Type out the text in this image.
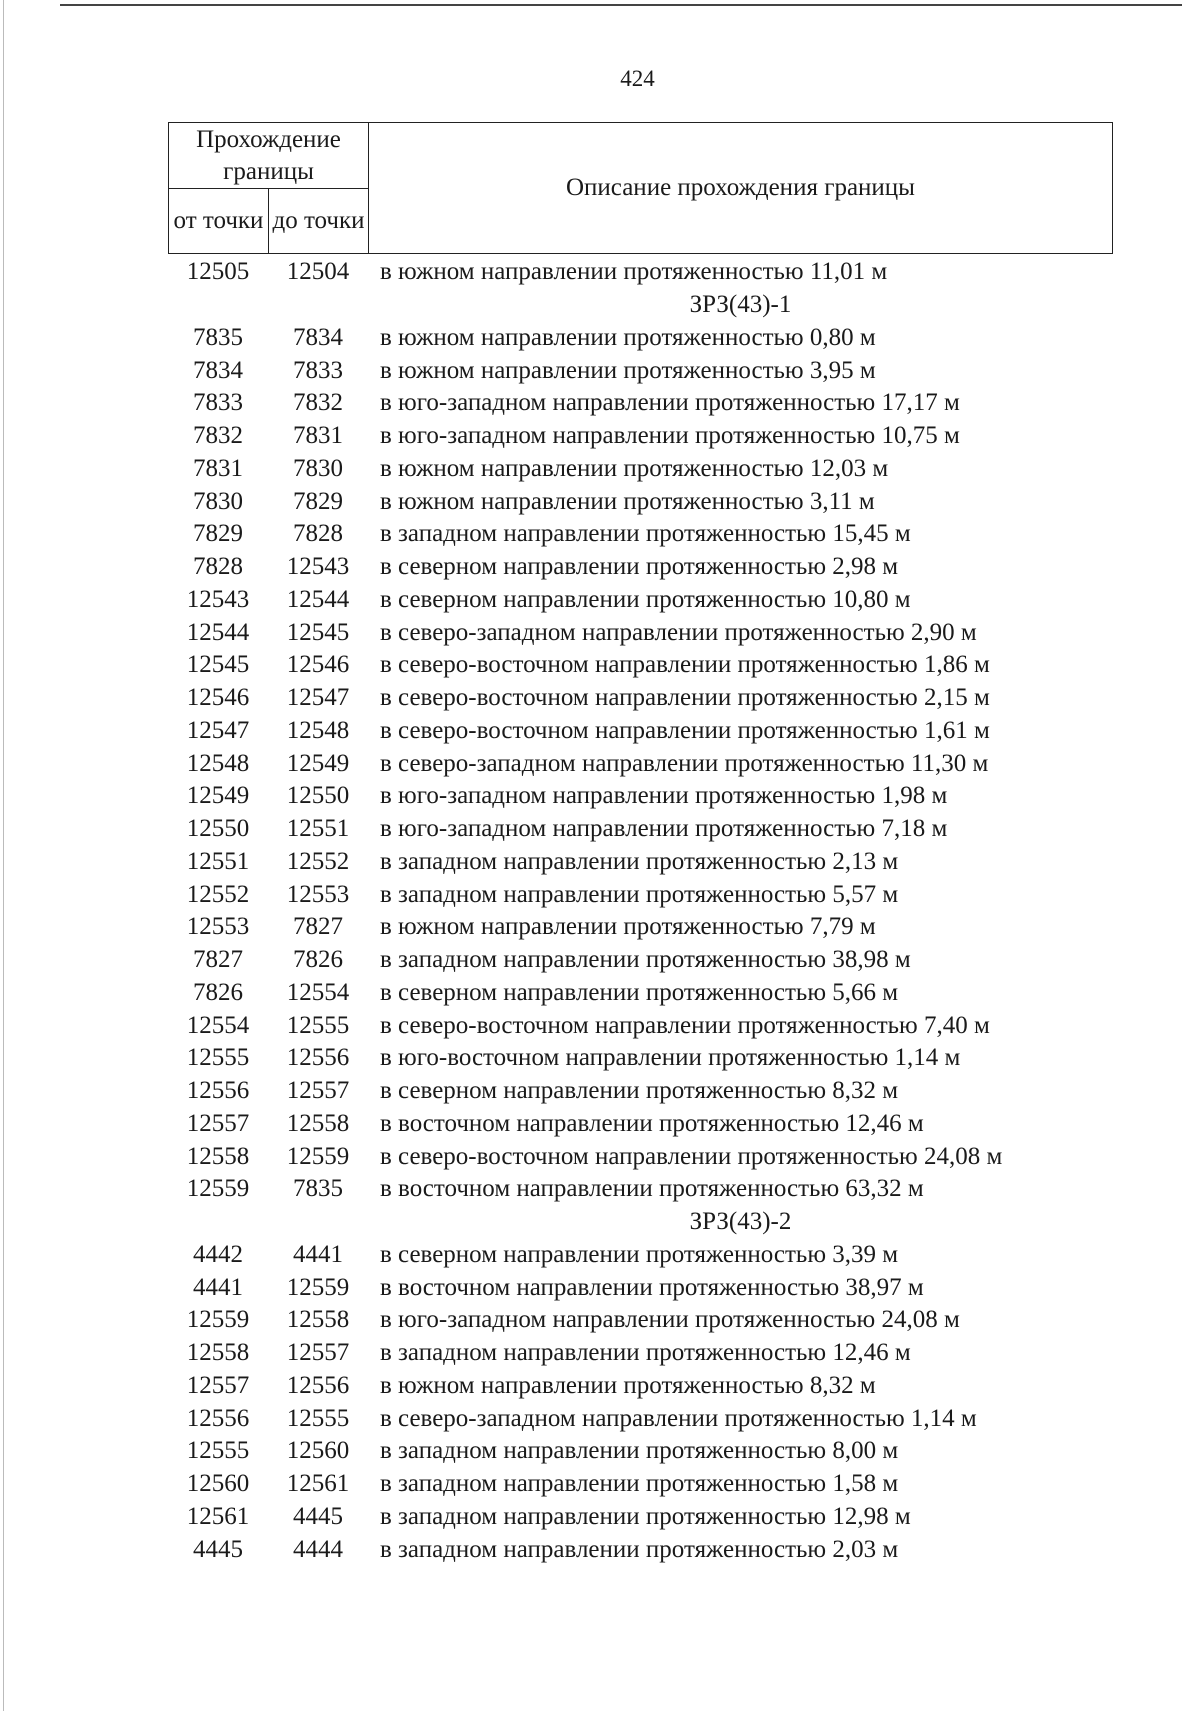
424
Прохождение границы
от точки до точки
Описание прохождения границы
12505	12504	в южном направлении протяженностью 11,01 м
ЗРЗ(43)-1
7835	7834	в южном направлении протяженностью 0,80 м
7834	7833	в южном направлении протяженностью 3,95 м
7833	7832	в юго-западном направлении протяженностью 17,17 м
7832	7831	в юго-западном направлении протяженностью 10,75 м
7831	7830	в южном направлении протяженностью 12,03 м
7830	7829	в южном направлении протяженностью 3,11 м
7829	7828	в западном направлении протяженностью 15,45 м
7828	12543	в северном направлении протяженностью 2,98 м
12543	12544	в северном направлении протяженностью 10,80 м
12544	12545	в северо-западном направлении протяженностью 2,90 м
12545	12546	в северо-восточном направлении протяженностью 1,86 м
12546	12547	в северо-восточном направлении протяженностью 2,15 м
12547	12548	в северо-восточном направлении протяженностью 1,61 м
12548	12549	в северо-западном направлении протяженностью 11,30 м
12549	12550	в юго-западном направлении протяженностью 1,98 м
12550	12551	в юго-западном направлении протяженностью 7,18 м
12551	12552	в западном направлении протяженностью 2,13 м
12552	12553	в западном направлении протяженностью 5,57 м
12553	7827	в южном направлении протяженностью 7,79 м
7827	7826	в западном направлении протяженностью 38,98 м
7826	12554	в северном направлении протяженностью 5,66 м
12554	12555	в северо-восточном направлении протяженностью 7,40 м
12555	12556	в юго-восточном направлении протяженностью 1,14 м
12556	12557	в северном направлении протяженностью 8,32 м
12557	12558	в восточном направлении протяженностью 12,46 м
12558	12559	в северо-восточном направлении протяженностью 24,08 м
12559	7835	в восточном направлении протяженностью 63,32 м
ЗРЗ(43)-2
4442	4441	в северном направлении протяженностью 3,39 м
4441	12559	в восточном направлении протяженностью 38,97 м
12559	12558	в юго-западном направлении протяженностью 24,08 м
12558	12557	в западном направлении протяженностью 12,46 м
12557	12556	в южном направлении протяженностью 8,32 м
12556	12555	в северо-западном направлении протяженностью 1,14 м
12555	12560	в западном направлении протяженностью 8,00 м
12560	12561	в западном направлении протяженностью 1,58 м
12561	4445	в западном направлении протяженностью 12,98 м
4445	4444	в западном направлении протяженностью 2,03 м
